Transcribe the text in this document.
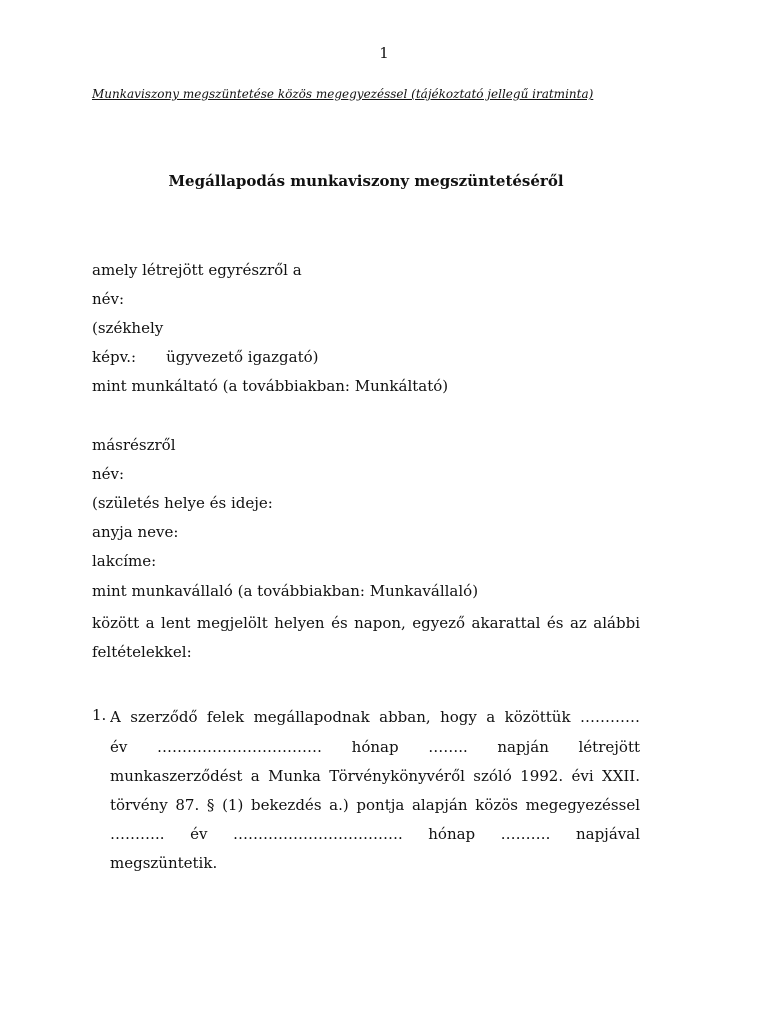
1
Munkaviszony megszüntetése közös megegyezéssel (tájékoztató jellegű iratminta)
Megállapodás munkaviszony megszüntetéséről
amely létrejött egyrészről a
név:
(székhely
képv.: ügyvezető igazgató)
mint munkáltató (a továbbiakban: Munkáltató)
másrészről
név:
(születés helye és ideje:
anyja neve:
lakcíme:
mint munkavállaló (a továbbiakban: Munkavállaló)
között a lent megjelölt helyen és napon, egyező akarattal és az alábbi
feltételekkel:
1. A szerződő felek megállapodnak abban, hogy a közöttük …………
év …………………………… hónap …….. napján létrejött
munkaszerződést a Munka Törvénykönyvéről szóló 1992. évi XXII.
törvény 87. § (1) bekezdés a.) pontja alapján közös megegyezéssel
……….. év ……………………………. hónap ………. napjával
megszüntetik.
